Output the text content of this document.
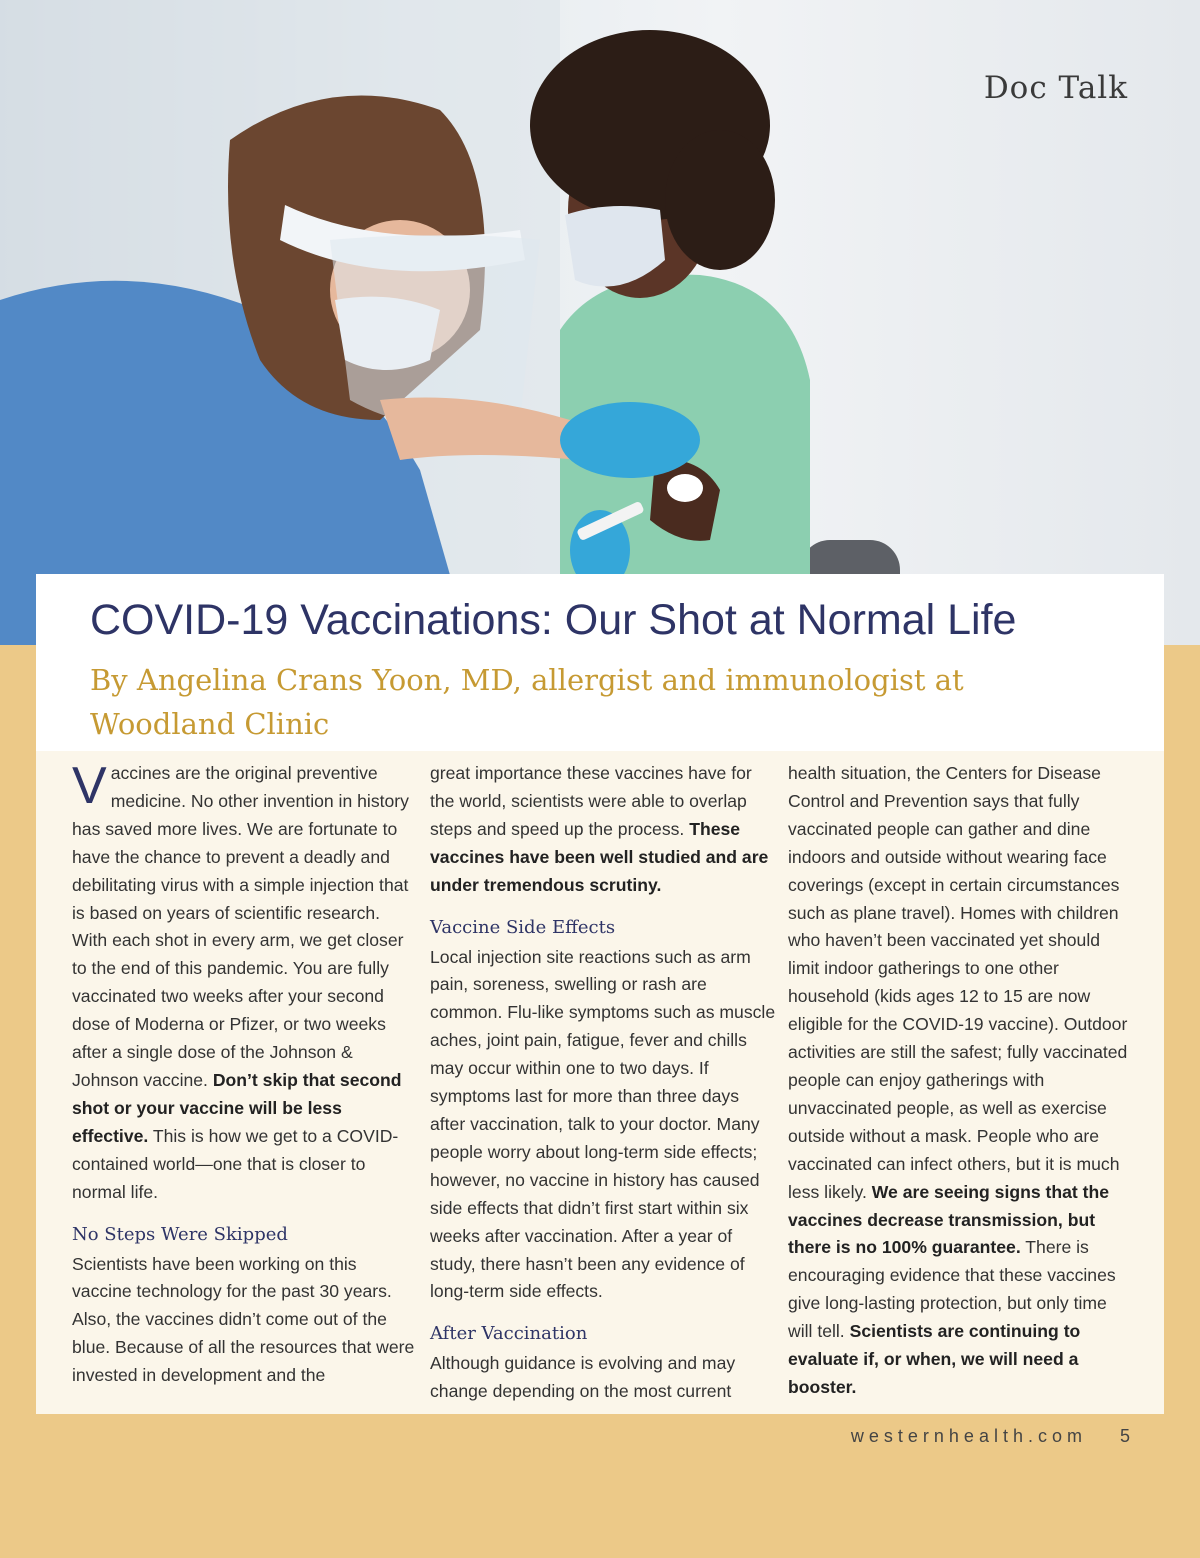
Doc Talk
COVID-19 Vaccinations: Our Shot at Normal Life

By Angelina Crans Yoon, MD, allergist and immunologist at Woodland Clinic

Vaccines are the original preventive medicine. No other invention in history has saved more lives. We are fortunate to have the chance to prevent a deadly and debilitating virus with a simple injection that is based on years of scientific research. With each shot in every arm, we get closer to the end of this pandemic. You are fully vaccinated two weeks after your second dose of Moderna or Pfizer, or two weeks after a single dose of the Johnson & Johnson vaccine. Don’t skip that second shot or your vaccine will be less effective. This is how we get to a COVID-contained world—one that is closer to normal life.

No Steps Were Skipped

Scientists have been working on this vaccine technology for the past 30 years. Also, the vaccines didn’t come out of the blue. Because of all the resources that were invested in development and the

great importance these vaccines have for the world, scientists were able to overlap steps and speed up the process. These vaccines have been well studied and are under tremendous scrutiny.

Vaccine Side Effects

Local injection site reactions such as arm pain, soreness, swelling or rash are common. Flu-like symptoms such as muscle aches, joint pain, fatigue, fever and chills may occur within one to two days. If symptoms last for more than three days after vaccination, talk to your doctor. Many people worry about long-term side effects; however, no vaccine in history has caused side effects that didn’t first start within six weeks after vaccination. After a year of study, there hasn’t been any evidence of long-term side effects.

After Vaccination

Although guidance is evolving and may change depending on the most current

health situation, the Centers for Disease Control and Prevention says that fully vaccinated people can gather and dine indoors and outside without wearing face coverings (except in certain circumstances such as plane travel). Homes with children who haven’t been vaccinated yet should limit indoor gatherings to one other household (kids ages 12 to 15 are now eligible for the COVID-19 vaccine). Outdoor activities are still the safest; fully vaccinated people can enjoy gatherings with unvaccinated people, as well as exercise outside without a mask. People who are vaccinated can infect others, but it is much less likely. We are seeing signs that the vaccines decrease transmission, but there is no 100% guarantee. There is encouraging evidence that these vaccines give long-lasting protection, but only time will tell. Scientists are continuing to evaluate if, or when, we will need a booster.

westernhealth.com 5
